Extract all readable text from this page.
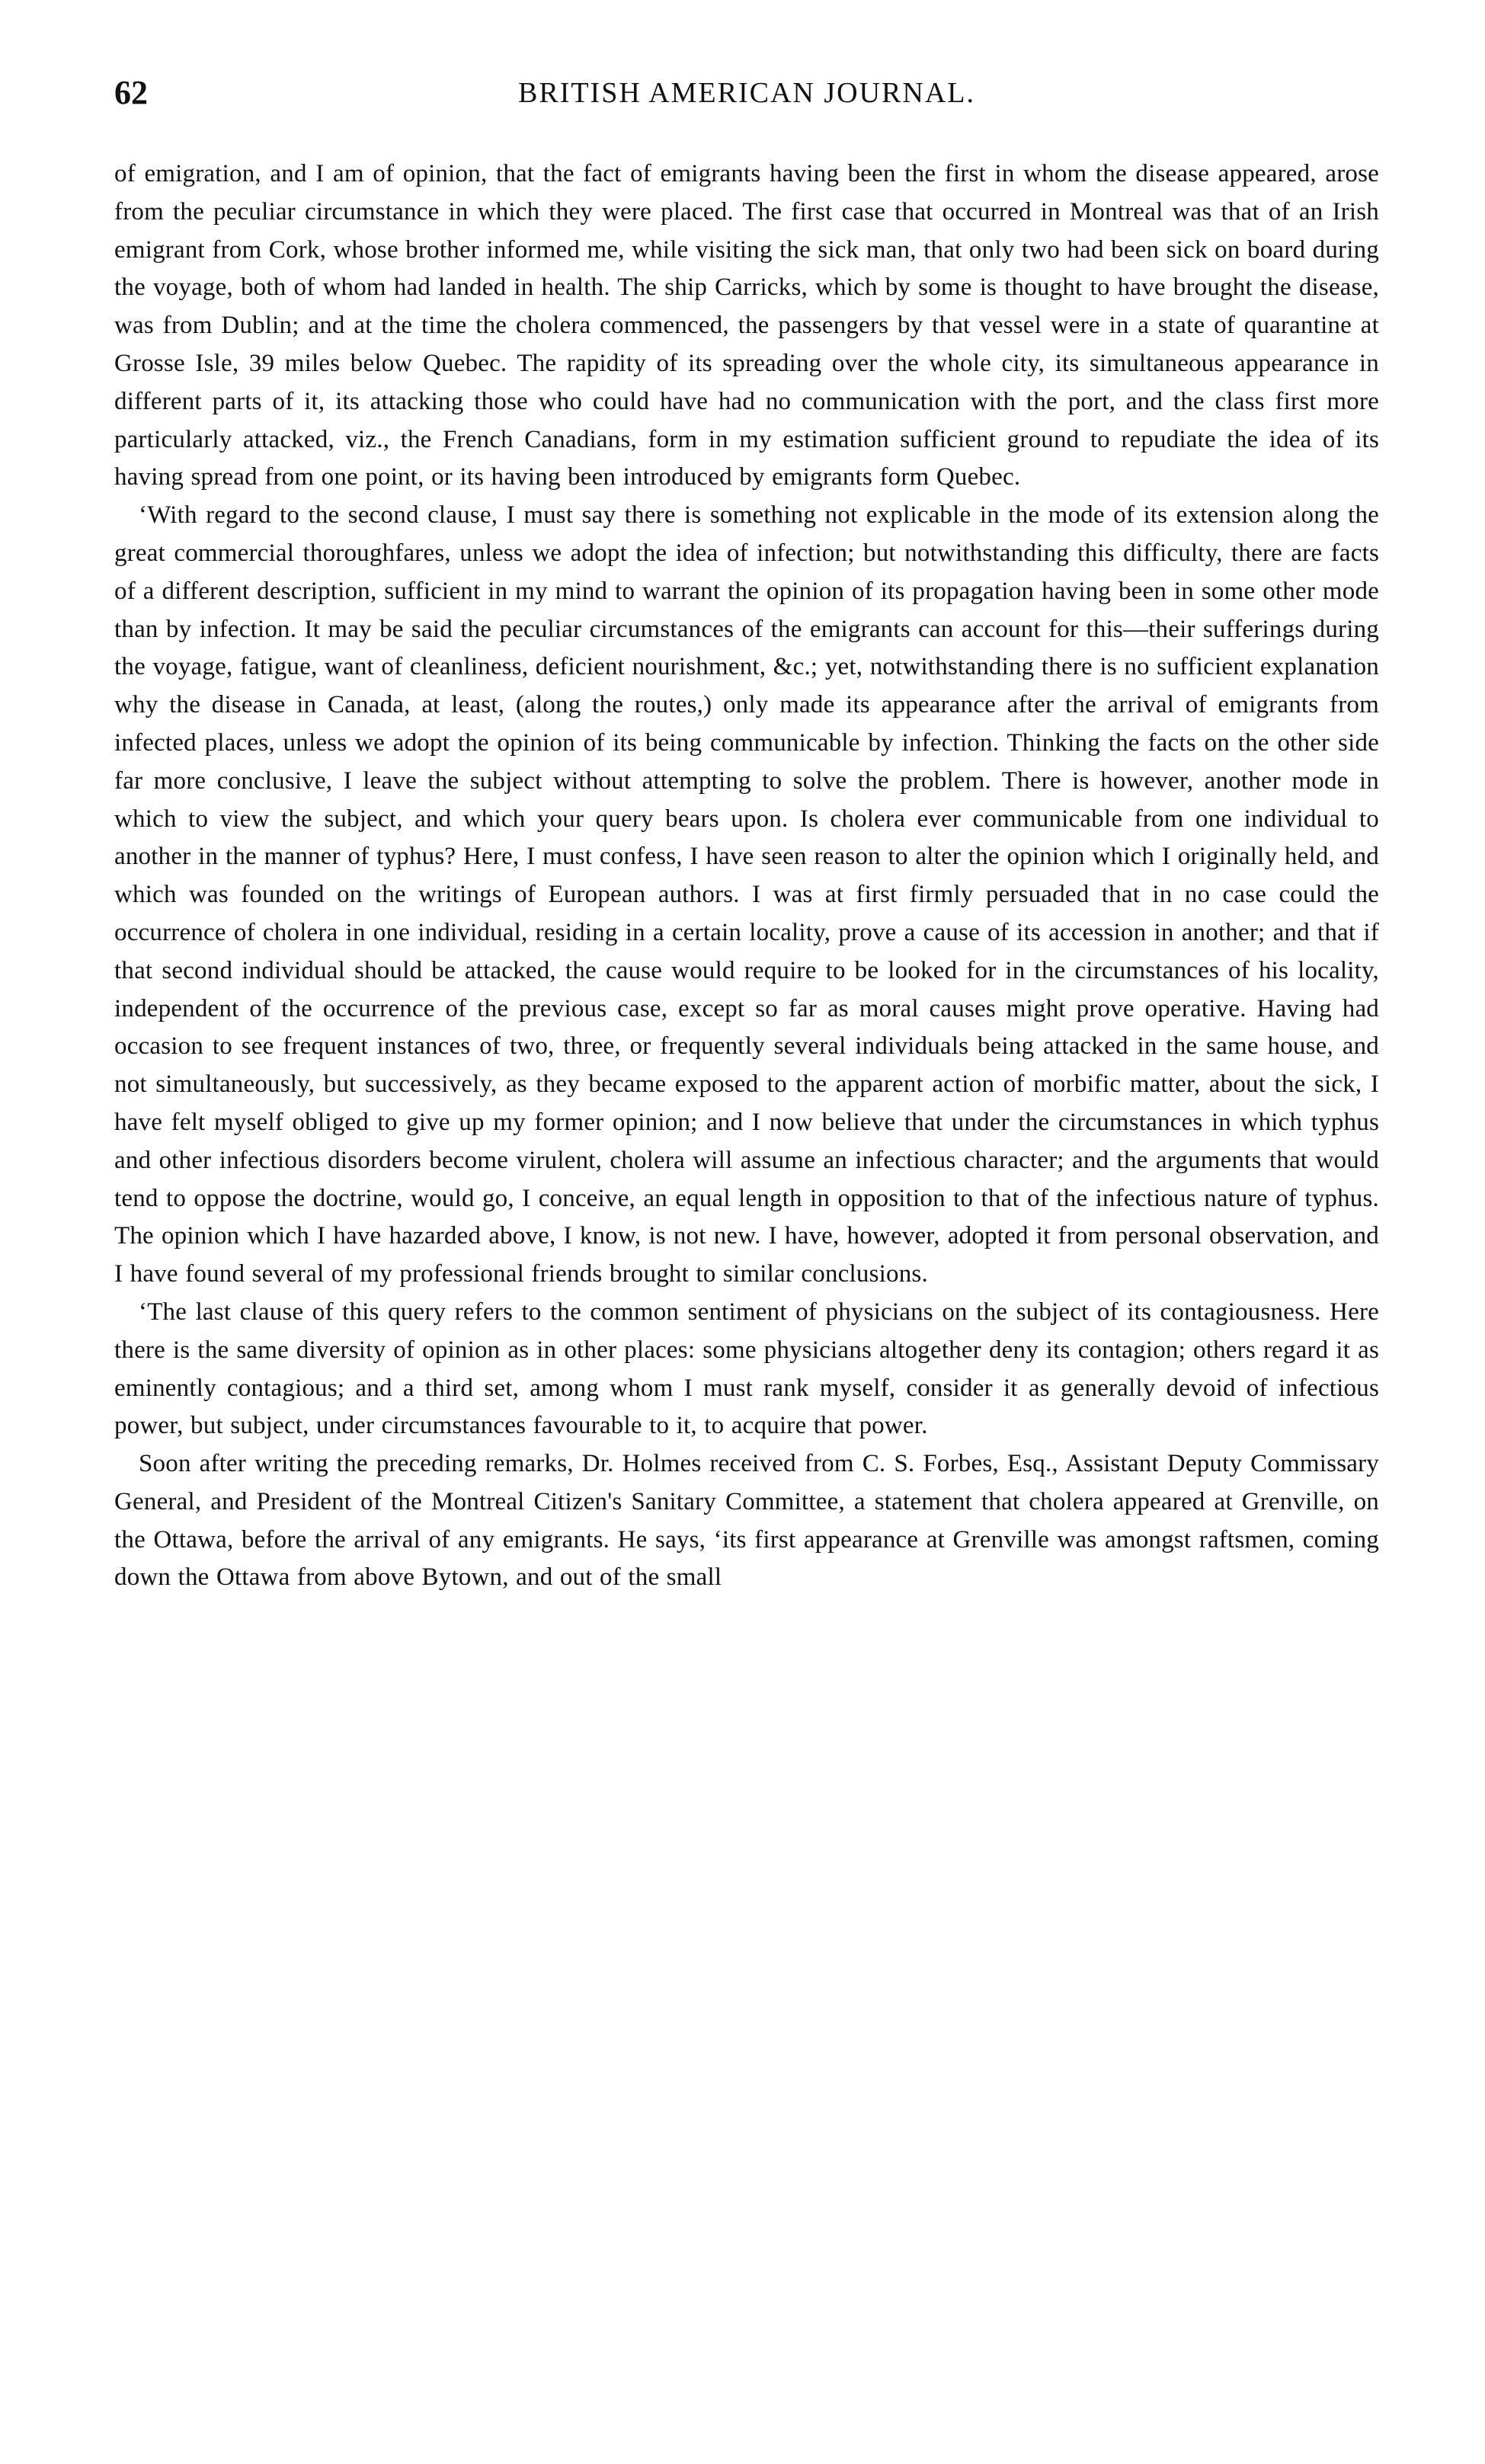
62	BRITISH AMERICAN JOURNAL.

of emigration, and I am of opinion, that the fact of emigrants having been the first in whom the disease appeared, arose from the peculiar circumstance in which they were placed. The first case that occurred in Montreal was that of an Irish emigrant from Cork, whose brother informed me, while visiting the sick man, that only two had been sick on board during the voyage, both of whom had landed in health. The ship Carricks, which by some is thought to have brought the disease, was from Dublin; and at the time the cholera commenced, the passengers by that vessel were in a state of quarantine at Grosse Isle, 39 miles below Quebec. The rapidity of its spreading over the whole city, its simultaneous appearance in different parts of it, its attacking those who could have had no communication with the port, and the class first more particularly attacked, viz., the French Canadians, form in my estimation sufficient ground to repudiate the idea of its having spread from one point, or its having been introduced by emigrants form Quebec.

‘With regard to the second clause, I must say there is something not explicable in the mode of its extension along the great commercial thoroughfares, unless we adopt the idea of infection; but notwithstanding this difficulty, there are facts of a different description, sufficient in my mind to warrant the opinion of its propagation having been in some other mode than by infection. It may be said the peculiar circumstances of the emigrants can account for this—their sufferings during the voyage, fatigue, want of cleanliness, deficient nourishment, &c.; yet, notwithstanding there is no sufficient explanation why the disease in Canada, at least, (along the routes,) only made its appearance after the arrival of emigrants from infected places, unless we adopt the opinion of its being communicable by infection. Thinking the facts on the other side far more conclusive, I leave the subject without attempting to solve the problem. There is however, another mode in which to view the subject, and which your query bears upon. Is cholera ever communicable from one individual to another in the manner of typhus? Here, I must confess, I have seen reason to alter the opinion which I originally held, and which was founded on the writings of European authors. I was at first firmly persuaded that in no case could the occurrence of cholera in one individual, residing in a certain locality, prove a cause of its accession in another; and that if that second individual should be attacked, the cause would require to be looked for in the circumstances of his locality, independent of the occurrence of the previous case, except so far as moral causes might prove operative. Having had occasion to see frequent instances of two, three, or frequently several individuals being attacked in the same house, and not simultaneously, but successively, as they became exposed to the apparent action of morbific matter, about the sick, I have felt myself obliged to give up my former opinion; and I now believe that under the circumstances in which typhus and other infectious disorders become virulent, cholera will assume an infectious character; and the arguments that would tend to oppose the doctrine, would go, I conceive, an equal length in opposition to that of the infectious nature of typhus. The opinion which I have hazarded above, I know, is not new. I have, however, adopted it from personal observation, and I have found several of my professional friends brought to similar conclusions.

‘The last clause of this query refers to the common sentiment of physicians on the subject of its contagiousness. Here there is the same diversity of opinion as in other places: some physicians altogether deny its contagion; others regard it as eminently contagious; and a third set, among whom I must rank myself, consider it as generally devoid of infectious power, but subject, under circumstances favourable to it, to acquire that power.

Soon after writing the preceding remarks, Dr. Holmes received from C. S. Forbes, Esq., Assistant Deputy Commissary General, and President of the Montreal Citizen's Sanitary Committee, a statement that cholera appeared at Grenville, on the Ottawa, before the arrival of any emigrants. He says, ‘its first appearance at Grenville was amongst raftsmen, coming down the Ottawa from above Bytown, and out of the small
